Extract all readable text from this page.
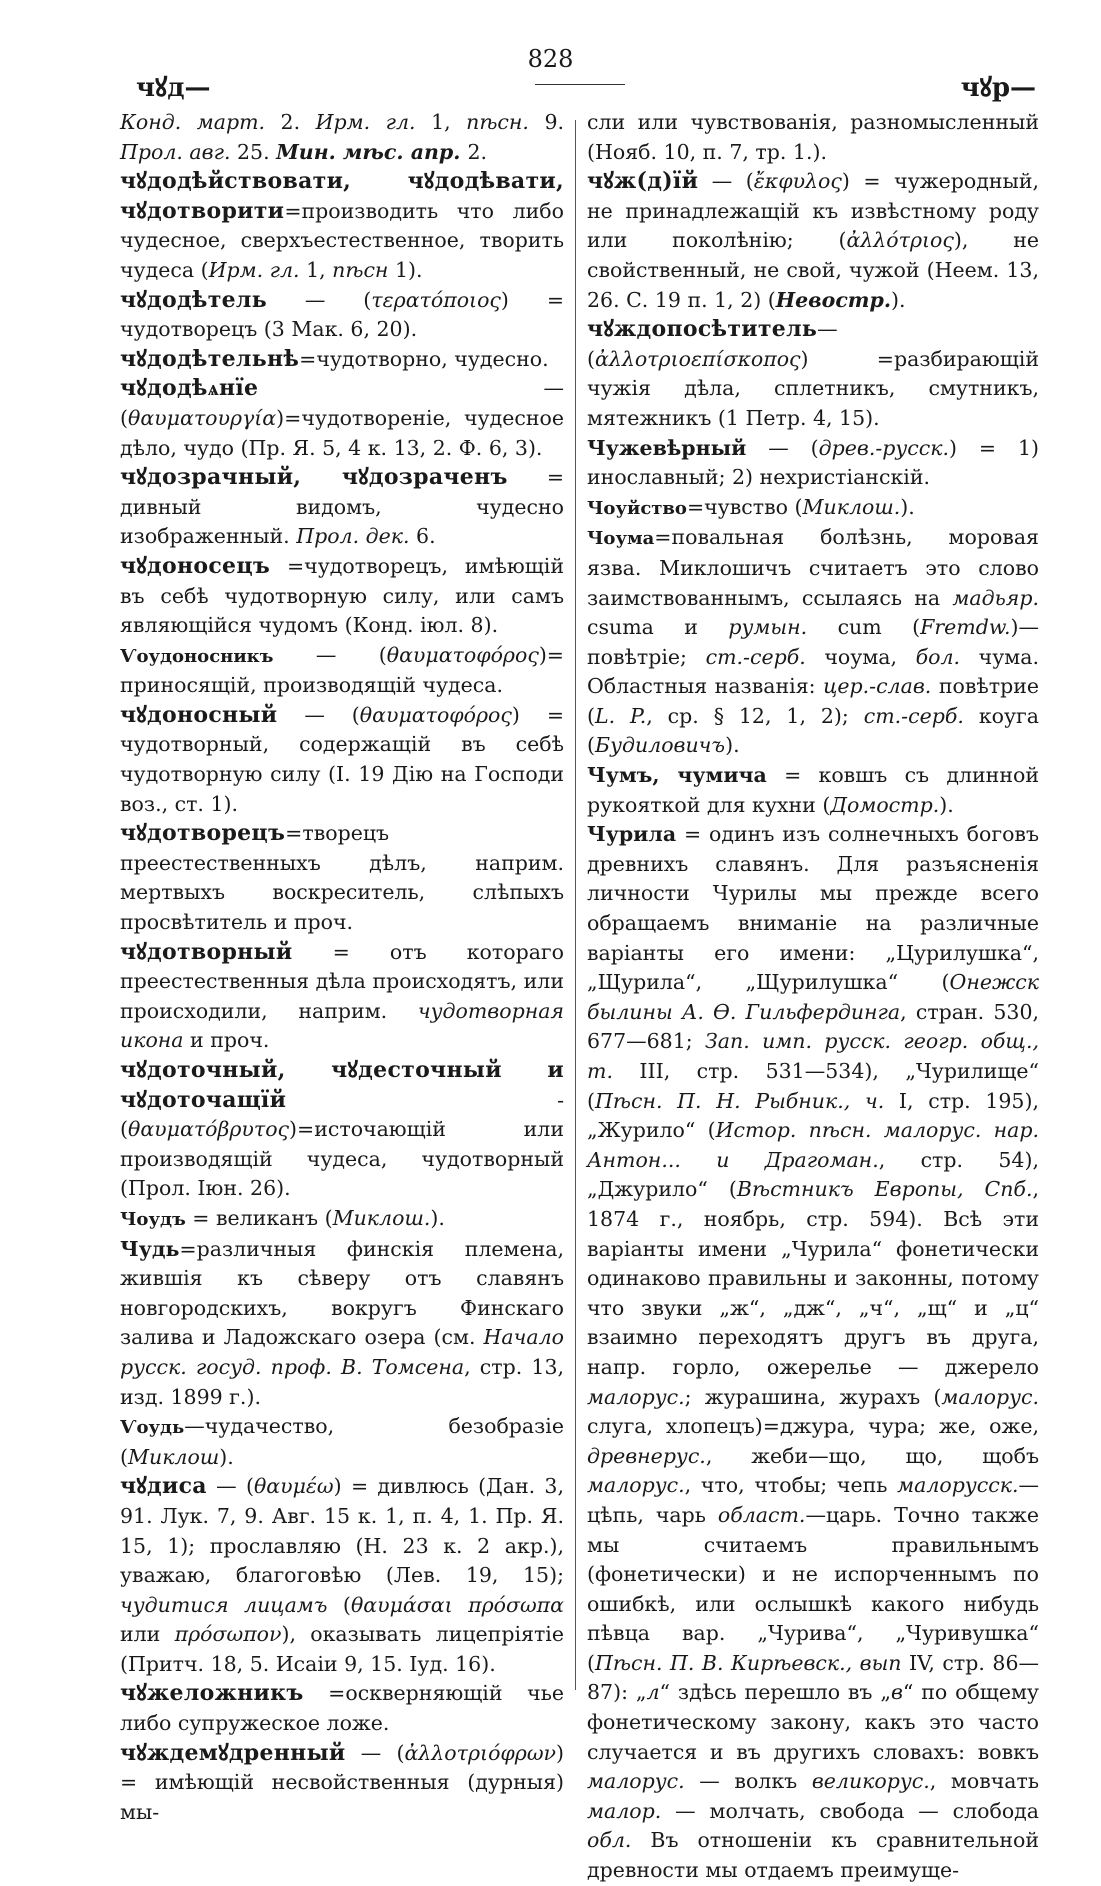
чꙋд—
828
чꙋр—

Конд. март. 2. Ирм. гл. 1, пѣсн. 9. Прол. авг. 25. Мин. мѣс. апр. 2.

чꙋдодѣйствовати, чꙋдодѣвати, чꙋдотворити=производить что либо чудесное, сверхъестественное, творить чудеса (Ирм. гл. 1, пѣсн 1).

чꙋдодѣтель — (τερατόποιος) = чудотворецъ (3 Мак. 6, 20).

чꙋдодѣтельнѣ=чудотворно, чудесно.

чꙋдодѣѧнїе — (θαυματουργία)=чудотвореніе, чудесное дѣло, чудо (Пр. Я. 5, 4 к. 13, 2. Ф. 6, 3).

чꙋдозрачный, чꙋдозраченъ = дивный видомъ, чудесно изображенный. Прол. дек. 6.

чꙋдоносецъ =чудотворецъ, имѣющій въ себѣ чудотворную силу, или самъ являющійся чудомъ (Конд. іюл. 8).

Ѵоудоносникъ — (θαυματοφόρος)= приносящій, производящій чудеса.

чꙋдоносный — (θαυματοφόρος) = чудотворный, содержащій въ себѣ чудотворную силу (I. 19 Дію на Господи воз., ст. 1).

чꙋдотворецъ=творецъ преестественныхъ дѣлъ, наприм. мертвыхъ воскреситель, слѣпыхъ просвѣтитель и проч.

чꙋдотворный = отъ котораго преестественныя дѣла происходятъ, или происходили, наприм. чудотворная икона и проч.

чꙋдоточный, чꙋдесточный и чꙋдоточащїй - (θαυματόβρυτος)=источающій или производящій чудеса, чудотворный (Прол. Іюн. 26).

Чоудъ = великанъ (Миклош.).

Чудь=различныя финскія племена, жившія къ сѣверу отъ славянъ новгородскихъ, вокругъ Финскаго залива и Ладожскаго озера (см. Начало русск. госуд. проф. В. Томсена, стр. 13, изд. 1899 г.).

Ѵоудь—чудачество, безобразіе (Миклош).

чꙋдиса — (θαυμέω) = дивлюсь (Дан. 3, 91. Лук. 7, 9. Авг. 15 к. 1, п. 4, 1. Пр. Я. 15, 1); прославляю (Н. 23 к. 2 акр.), уважаю, благоговѣю (Лев. 19, 15); чудитися лицамъ (θαυμάσαι πρόσωπα или πρόσωπον), оказывать лицепріятіе (Притч. 18, 5. Исаіи 9, 15. Іуд. 16).

чꙋжеложникъ =оскверняющій чье либо супружеское ложе.

чꙋждемꙋдренный — (ἀλλοτριόφρων) = имѣющій несвойственныя (дурныя) мы-

сли или чувствованія, разномысленный (Нояб. 10, п. 7, тр. 1.).

чꙋж(д)їй — (ἔκφυλος) = чужеродный, не принадлежащій къ извѣстному роду или поколѣнію; (ἀλλότριος), не свойственный, не свой, чужой (Неем. 13, 26. С. 19 п. 1, 2) (Невостр.).

чꙋждопосѣтитель—(ἀλλοτριοεπίσκοπος) =разбирающій чужія дѣла, сплетникъ, смутникъ, мятежникъ (1 Петр. 4, 15).

Чужевѣрный — (древ.-русск.) = 1) инославный; 2) нехристіанскій.

Чоуйство=чувство (Миклош.).

Чоума=повальная болѣзнь, моровая язва. Миклошичъ считаетъ это слово заимствованнымъ, ссылаясь на мадьяр. csuma и румын. cum (Fremdw.)—повѣтріе; ст.-серб. чоума, бол. чума. Областныя названія: цер.-слав. повѣтрие (L. P., ср. § 12, 1, 2); ст.-серб. коуга (Будиловичъ).

Чумъ, чумича = ковшъ съ длинной рукояткой для кухни (Домостр.).

Чурила = одинъ изъ солнечныхъ боговъ древнихъ славянъ. Для разъясненія личности Чурилы мы прежде всего обращаемъ вниманіе на различные варіанты его имени: „Цурилушка“, „Щурила“, „Щурилушка“ (Онежск былины А. Ѳ. Гильфердинга, стран. 530, 677—681; Зап. имп. русск. геогр. общ., т. III, стр. 531—534), „Чурилище“ (Пѣсн. П. Н. Рыбник., ч. I, стр. 195), „Журило“ (Истор. пѣсн. малорус. нар. Антон... и Драгоман., стр. 54), „Джурило“ (Вѣстникъ Европы, Спб., 1874 г., ноябрь, стр. 594). Всѣ эти варіанты имени „Чурила“ фонетически одинаково правильны и законны, потому что звуки „ж“, „дж“, „ч“, „щ“ и „ц“ взаимно переходятъ другъ въ друга, напр. горло, ожерелье — джерело малорус.; журашина, журахъ (малорус. слуга, хлопецъ)=джура, чура; же, оже, древнерус., жеби—що, що, щобъ малорус., что, чтобы; чепь малорусск.—цѣпь, чарь област.—царь. Точно также мы считаемъ правильнымъ (фонетически) и не испорченнымъ по ошибкѣ, или ослышкѣ какого нибудь пѣвца вар. „Чурива“, „Чуривушка“ (Пѣсн. П. В. Кирѣевск., вып IV, стр. 86—87): „л“ здѣсь перешло въ „в“ по общему фонетическому закону, какъ это часто случается и въ другихъ словахъ: вовкъ малорус. — волкъ великорус., мовчать малор. — молчать, свобода — слобода обл. Въ отношеніи къ сравнительной древности мы отдаемъ преимуще-
